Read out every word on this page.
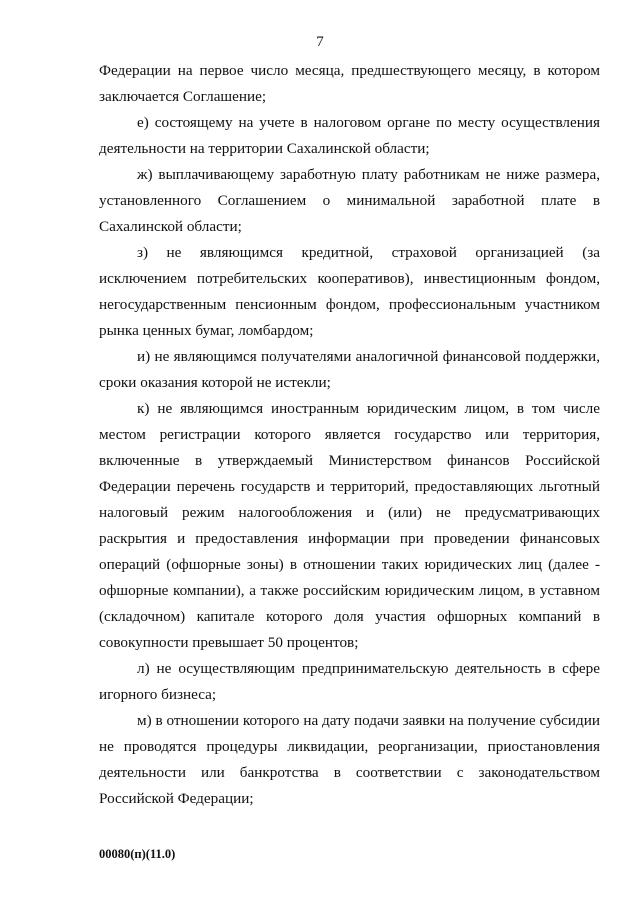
7

Федерации на первое число месяца, предшествующего месяцу, в котором заключается Соглашение;

е) состоящему на учете в налоговом органе по месту осуществления деятельности на территории Сахалинской области;

ж) выплачивающему заработную плату работникам не ниже размера, установленного Соглашением о минимальной заработной плате в Сахалинской области;

з) не являющимся кредитной, страховой организацией (за исключением потребительских кооперативов), инвестиционным фондом, негосударственным пенсионным фондом, профессиональным участником рынка ценных бумаг, ломбардом;

и) не являющимся получателями аналогичной финансовой поддержки, сроки оказания которой не истекли;

к) не являющимся иностранным юридическим лицом, в том числе местом регистрации которого является государство или территория, включенные в утверждаемый Министерством финансов Российской Федерации перечень государств и территорий, предоставляющих льготный налоговый режим налогообложения и (или) не предусматривающих раскрытия и предоставления информации при проведении финансовых операций (офшорные зоны) в отношении таких юридических лиц (далее - офшорные компании), а также российским юридическим лицом, в уставном (складочном) капитале которого доля участия офшорных компаний в совокупности превышает 50 процентов;

л) не осуществляющим предпринимательскую деятельность в сфере игорного бизнеса;

м) в отношении которого на дату подачи заявки на получение субсидии не проводятся процедуры ликвидации, реорганизации, приостановления деятельности или банкротства в соответствии с законодательством Российской Федерации;

00080(п)(11.0)
